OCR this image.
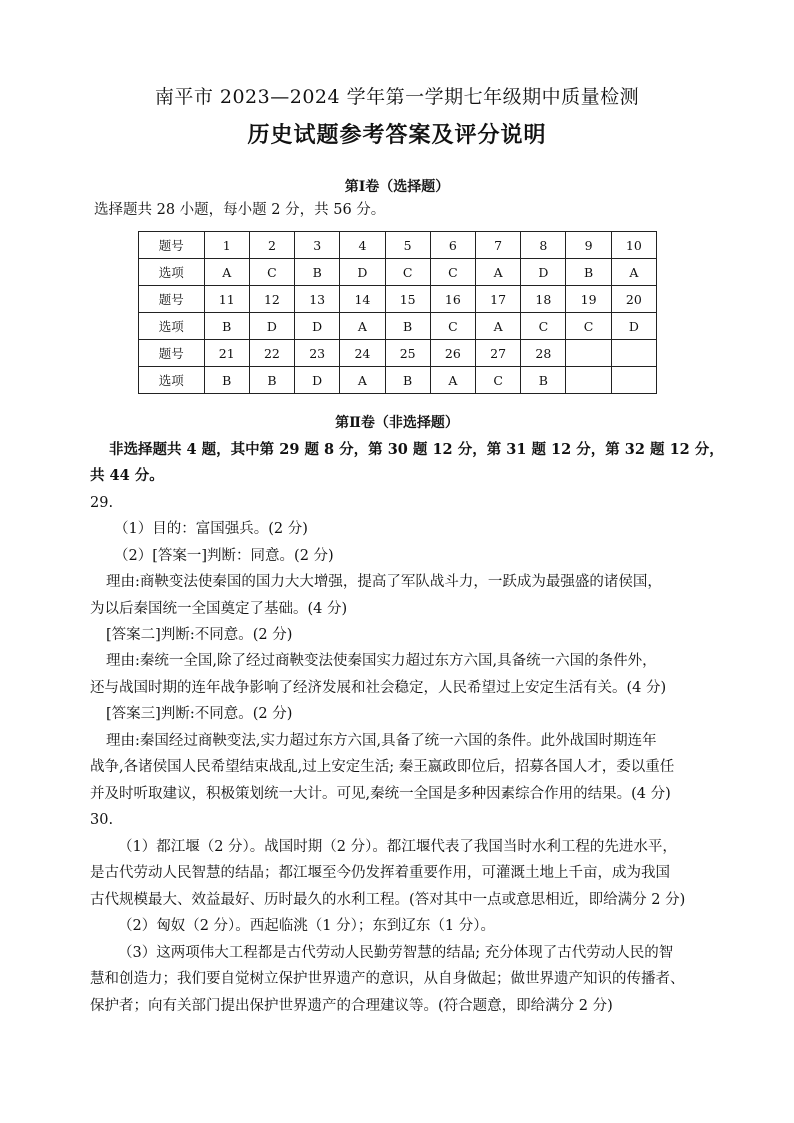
南平市 2023—2024 学年第一学期七年级期中质量检测
历史试题参考答案及评分说明
第Ⅰ卷（选择题）
选择题共 28 小题，每小题 2 分，共 56 分。
题号	1	2	3	4	5	6	7	8	9	10
选项	A	C	B	D	C	C	A	D	B	A
题号	11	12	13	14	15	16	17	18	19	20
选项	B	D	D	A	B	C	A	C	C	D
题号	21	22	23	24	25	26	27	28		
选项	B	B	D	A	B	A	C	B		
第Ⅱ卷（非选择题）
非选择题共 4 题，其中第 29 题 8 分，第 30 题 12 分，第 31 题 12 分，第 32 题 12 分，
共 44 分。
29.
（1）目的：富国强兵。(2 分)
（2）[答案一]判断：同意。(2 分)
理由:商鞅变法使秦国的国力大大增强，提高了军队战斗力，一跃成为最强盛的诸侯国，
为以后秦国统一全国奠定了基础。(4 分)
[答案二]判断:不同意。(2 分)
理由:秦统一全国,除了经过商鞅变法使秦国实力超过东方六国,具备统一六国的条件外，
还与战国时期的连年战争影响了经济发展和社会稳定，人民希望过上安定生活有关。(4 分)
[答案三]判断:不同意。(2 分)
理由:秦国经过商鞅变法,实力超过东方六国,具备了统一六国的条件。此外战国时期连年
战争,各诸侯国人民希望结束战乱,过上安定生活; 秦王嬴政即位后，招募各国人才，委以重任
并及时听取建议，积极策划统一大计。可见,秦统一全国是多种因素综合作用的结果。(4 分)
30.
（1）都江堰（2 分）。战国时期（2 分）。都江堰代表了我国当时水利工程的先进水平，
是古代劳动人民智慧的结晶；都江堰至今仍发挥着重要作用，可灌溉土地上千亩，成为我国
古代规模最大、效益最好、历时最久的水利工程。(答对其中一点或意思相近，即给满分 2 分)
（2）匈奴（2 分）。西起临洮（1 分）；东到辽东（1 分）。
（3）这两项伟大工程都是古代劳动人民勤劳智慧的结晶; 充分体现了古代劳动人民的智
慧和创造力；我们要自觉树立保护世界遗产的意识，从自身做起；做世界遗产知识的传播者、
保护者；向有关部门提出保护世界遗产的合理建议等。(符合题意，即给满分 2 分)
